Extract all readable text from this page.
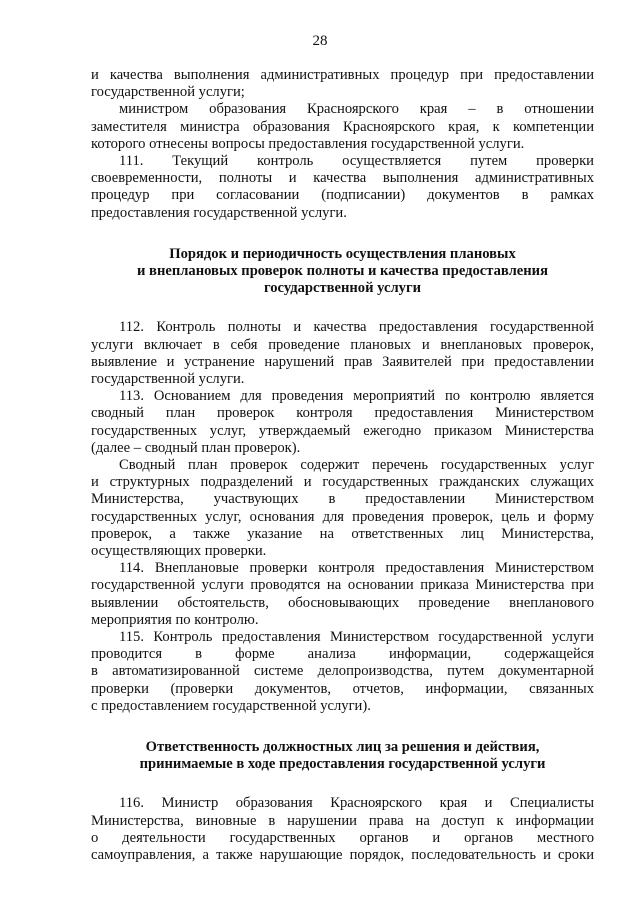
28
и качества выполнения административных процедур при предоставлении
государственной услуги;
министром образования Красноярского края – в отношении
заместителя министра образования Красноярского края, к компетенции
которого отнесены вопросы предоставления государственной услуги.
111. Текущий контроль осуществляется путем проверки
своевременности, полноты и качества выполнения административных
процедур при согласовании (подписании) документов в рамках
предоставления государственной услуги.
Порядок и периодичность осуществления плановых
и внеплановых проверок полноты и качества предоставления
государственной услуги
112. Контроль полноты и качества предоставления государственной
услуги включает в себя проведение плановых и внеплановых проверок,
выявление и устранение нарушений прав Заявителей при предоставлении
государственной услуги.
113. Основанием для проведения мероприятий по контролю является
сводный план проверок контроля предоставления Министерством
государственных услуг, утверждаемый ежегодно приказом Министерства
(далее – сводный план проверок).
Сводный план проверок содержит перечень государственных услуг
и структурных подразделений и государственных гражданских служащих
Министерства, участвующих в предоставлении Министерством
государственных услуг, основания для проведения проверок, цель и форму
проверок, а также указание на ответственных лиц Министерства,
осуществляющих проверки.
114. Внеплановые проверки контроля предоставления Министерством
государственной услуги проводятся на основании приказа Министерства при
выявлении обстоятельств, обосновывающих проведение внепланового
мероприятия по контролю.
115. Контроль предоставления Министерством государственной услуги
проводится в форме анализа информации, содержащейся
в автоматизированной системе делопроизводства, путем документарной
проверки (проверки документов, отчетов, информации, связанных
с предоставлением государственной услуги).
Ответственность должностных лиц за решения и действия,
принимаемые в ходе предоставления государственной услуги
116. Министр образования Красноярского края и Специалисты
Министерства, виновные в нарушении права на доступ к информации
о деятельности государственных органов и органов местного
самоуправления, а также нарушающие порядок, последовательность и сроки
